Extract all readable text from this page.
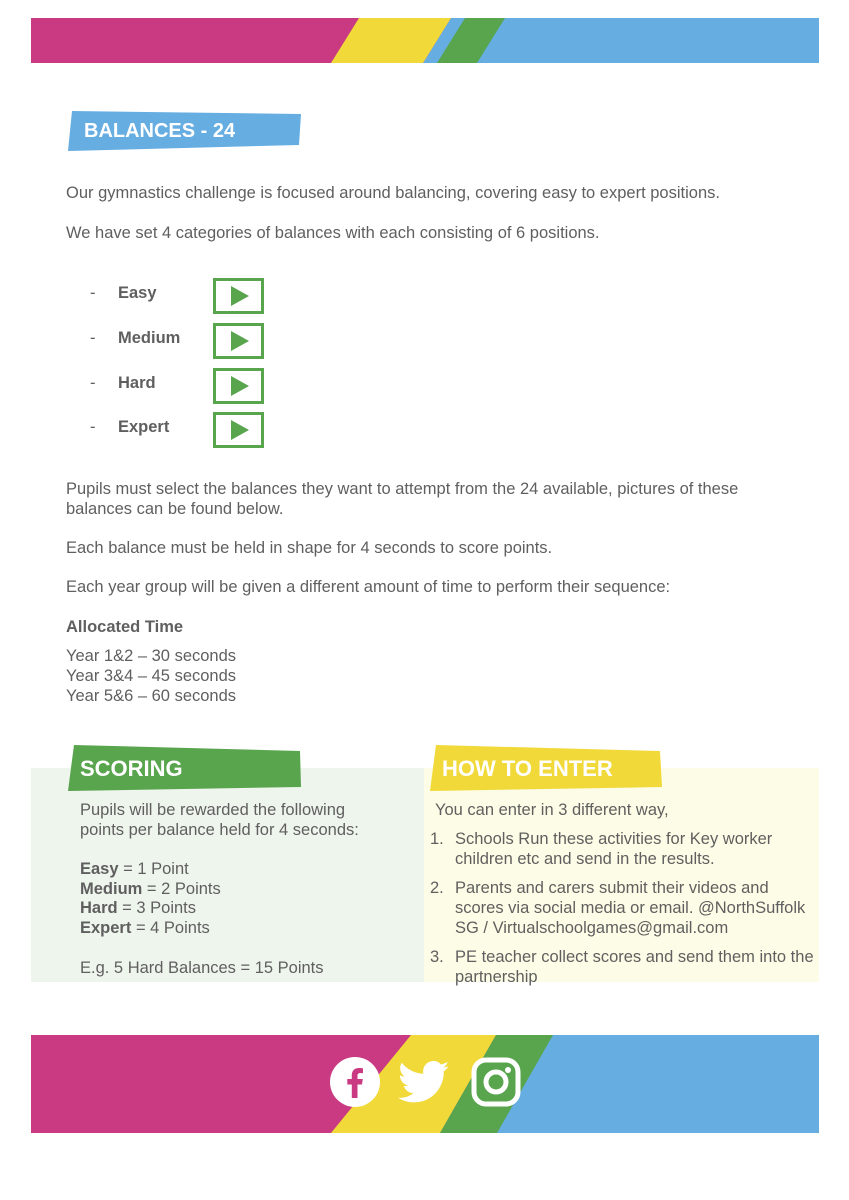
BALANCES - 24
Our gymnastics challenge is focused around balancing, covering easy to expert positions.
We have set 4 categories of balances with each consisting of 6 positions.
- Easy
- Medium
- Hard
- Expert
Pupils must select the balances they want to attempt from the 24 available, pictures of these balances can be found below.
Each balance must be held in shape for 4 seconds to score points.
Each year group will be given a different amount of time to perform their sequence:
Allocated Time
Year 1&2 – 30 seconds
Year 3&4 – 45 seconds
Year 5&6 – 60 seconds
SCORING
Pupils will be rewarded the following points per balance held for 4 seconds:
Easy = 1 Point
Medium = 2 Points
Hard = 3 Points
Expert = 4 Points
E.g. 5 Hard Balances = 15 Points
HOW TO ENTER
You can enter in 3 different way,
1. Schools Run these activities for Key worker children etc and send in the results.
2. Parents and carers submit their videos and scores via social media or email. @NorthSuffolk SG / Virtualschoolgames@gmail.com
3. PE teacher collect scores and send them into the partnership
